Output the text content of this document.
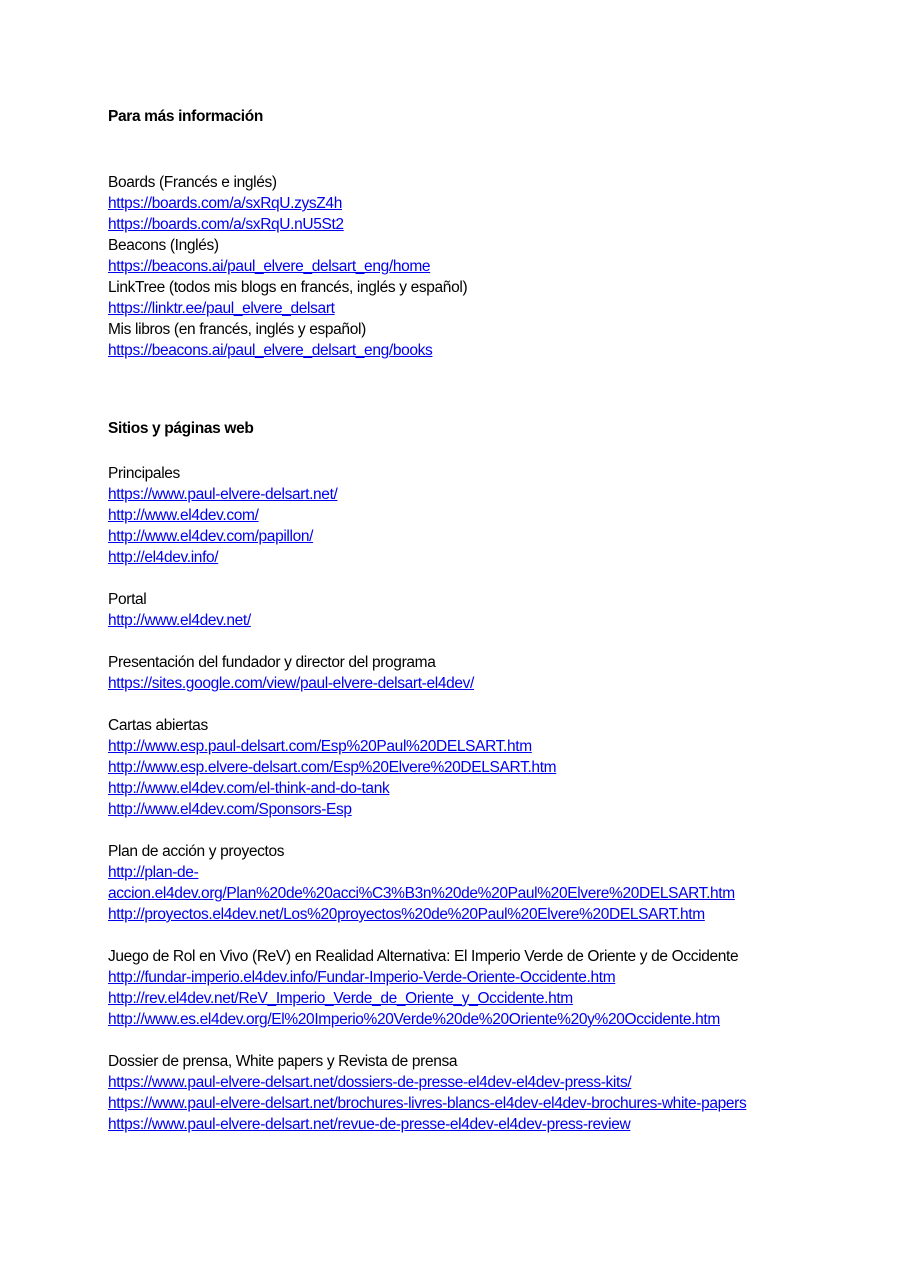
Para más información
Boards (Francés e inglés)
https://boards.com/a/sxRqU.zysZ4h
https://boards.com/a/sxRqU.nU5St2
Beacons (Inglés)
https://beacons.ai/paul_elvere_delsart_eng/home
LinkTree (todos mis blogs en francés, inglés y español)
https://linktr.ee/paul_elvere_delsart
Mis libros (en francés, inglés y español)
https://beacons.ai/paul_elvere_delsart_eng/books
Sitios y páginas web
Principales
https://www.paul-elvere-delsart.net/
http://www.el4dev.com/
http://www.el4dev.com/papillon/
http://el4dev.info/
Portal
http://www.el4dev.net/
Presentación del fundador y director del programa
https://sites.google.com/view/paul-elvere-delsart-el4dev/
Cartas abiertas
http://www.esp.paul-delsart.com/Esp%20Paul%20DELSART.htm
http://www.esp.elvere-delsart.com/Esp%20Elvere%20DELSART.htm
http://www.el4dev.com/el-think-and-do-tank
http://www.el4dev.com/Sponsors-Esp
Plan de acción y proyectos
http://plan-de-
accion.el4dev.org/Plan%20de%20acci%C3%B3n%20de%20Paul%20Elvere%20DELSART.htm
http://proyectos.el4dev.net/Los%20proyectos%20de%20Paul%20Elvere%20DELSART.htm
Juego de Rol en Vivo (ReV) en Realidad Alternativa: El Imperio Verde de Oriente y de Occidente
http://fundar-imperio.el4dev.info/Fundar-Imperio-Verde-Oriente-Occidente.htm
http://rev.el4dev.net/ReV_Imperio_Verde_de_Oriente_y_Occidente.htm
http://www.es.el4dev.org/El%20Imperio%20Verde%20de%20Oriente%20y%20Occidente.htm
Dossier de prensa, White papers y Revista de prensa
https://www.paul-elvere-delsart.net/dossiers-de-presse-el4dev-el4dev-press-kits/
https://www.paul-elvere-delsart.net/brochures-livres-blancs-el4dev-el4dev-brochures-white-papers
https://www.paul-elvere-delsart.net/revue-de-presse-el4dev-el4dev-press-review
